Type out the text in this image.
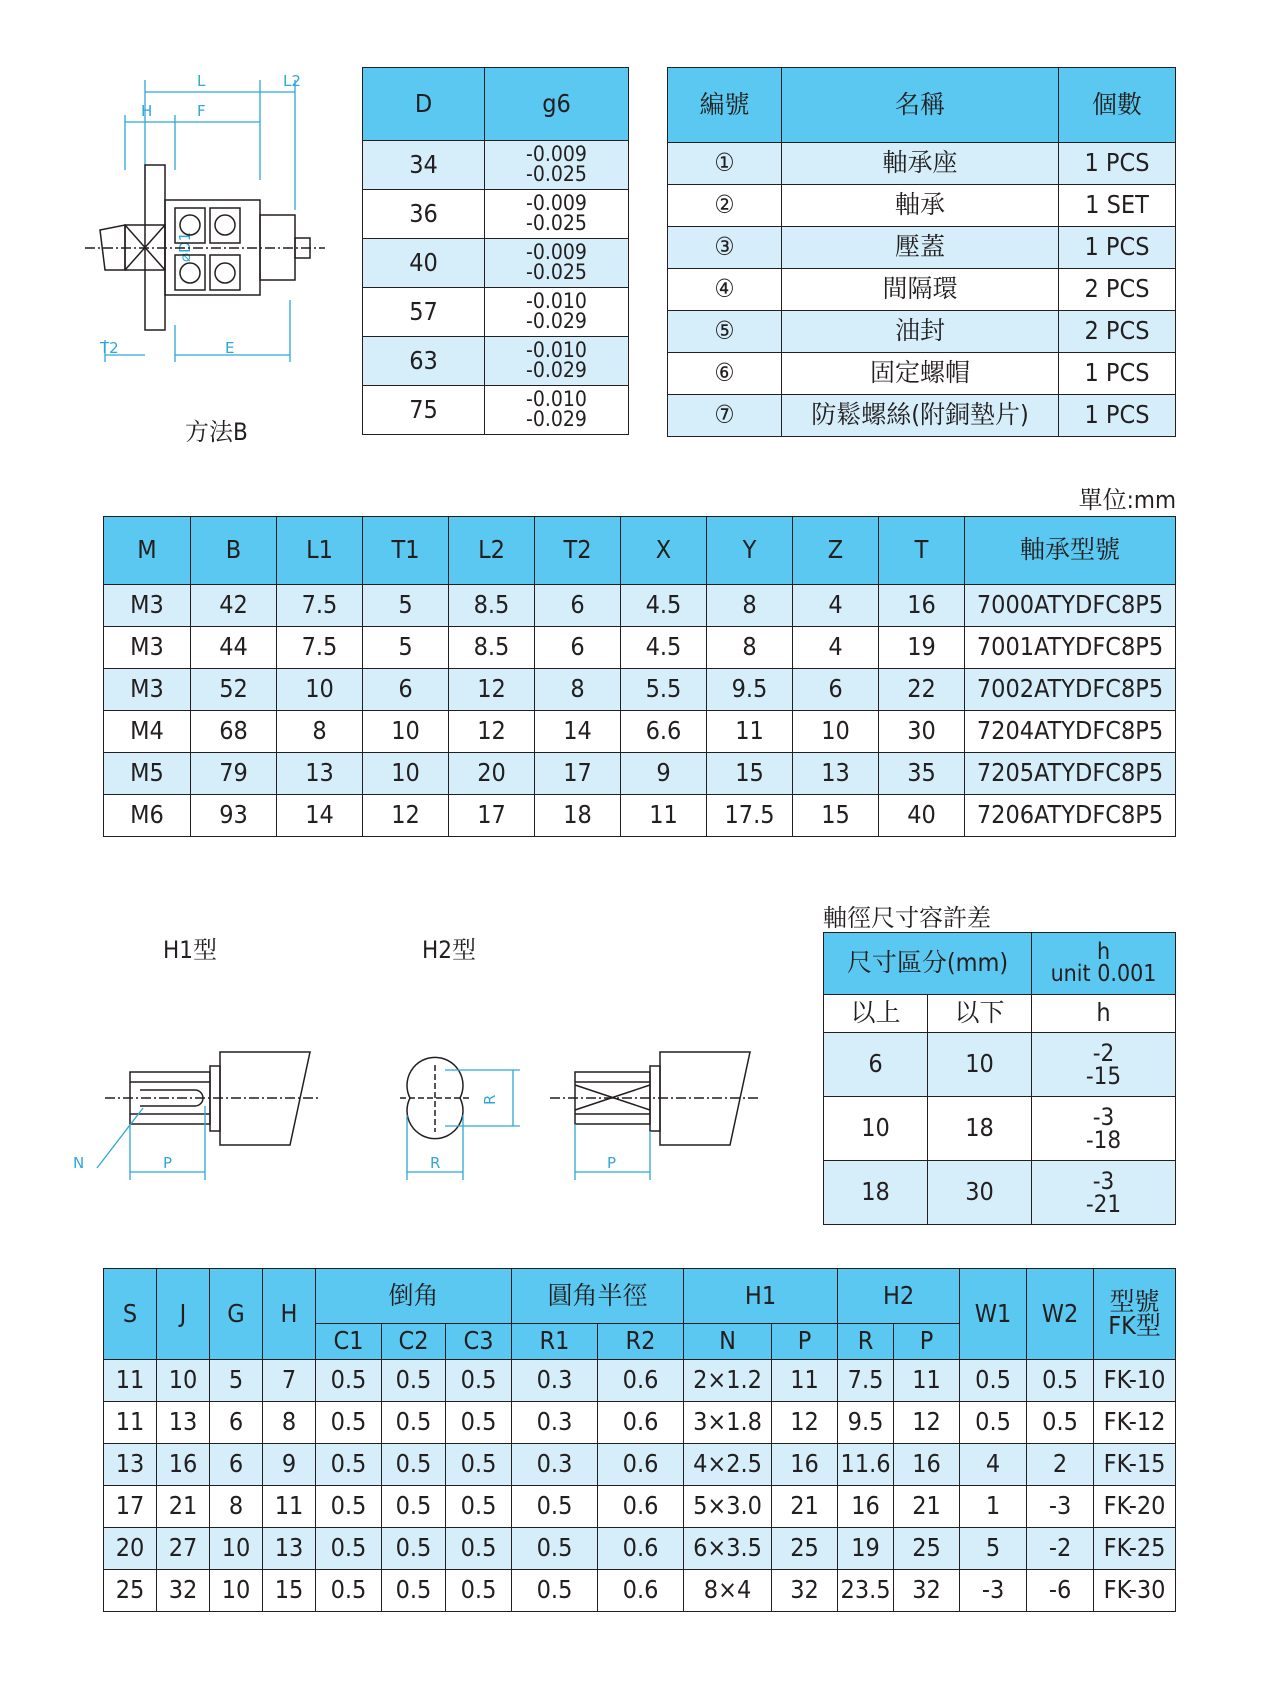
L	L2
H	F
T2	E
⌀D1
方法B
D	g6
34	-0.009
-0.025

36	-0.009
-0.025

40	-0.009
-0.025

57	-0.010
-0.029

63	-0.010
-0.029

75	-0.010
-0.029
編號	名稱	個數
①	軸承座	1 PCS
②	軸承	1 SET
③	壓蓋	1 PCS
④	間隔環	2 PCS
⑤	油封	2 PCS
⑥	固定螺帽	1 PCS
⑦	防鬆螺絲(附銅墊片)	1 PCS
單位:mm
M	B	L1	T1	L2	T2	X	Y	Z	T	軸承型號
M3	42	7.5	5	8.5	6	4.5	8	4	16	7000ATYDFC8P5
M3	44	7.5	5	8.5	6	4.5	8	4	19	7001ATYDFC8P5
M3	52	10	6	12	8	5.5	9.5	6	22	7002ATYDFC8P5
M4	68	8	10	12	14	6.6	11	10	30	7204ATYDFC8P5
M5	79	13	10	20	17	9	15	13	35	7205ATYDFC8P5
M6	93	14	12	17	18	11	17.5	15	40	7206ATYDFC8P5
H1型	H2型
N	P	R
R
P
軸徑尺寸容許差
尺寸區分(mm)		h
unit 0.001

以上	以下	h
6	10	-2
-15

10	18	-3
-18

18	30	-3
-21
S	J	G	H	倒角			圓角半徑		H1		H2		W1	W2	型號
FK型

				C1	C2	C3	R1	R2	N	P	R	P			
11	10	5	7	0.5	0.5	0.5	0.3	0.6	2×1.2	11	7.5	11	0.5	0.5	FK-10
11	13	6	8	0.5	0.5	0.5	0.3	0.6	3×1.8	12	9.5	12	0.5	0.5	FK-12
13	16	6	9	0.5	0.5	0.5	0.3	0.6	4×2.5	16	11.6	16	4	2	FK-15
17	21	8	11	0.5	0.5	0.5	0.5	0.6	5×3.0	21	16	21	1	-3	FK-20
20	27	10	13	0.5	0.5	0.5	0.5	0.6	6×3.5	25	19	25	5	-2	FK-25
25	32	10	15	0.5	0.5	0.5	0.5	0.6	8×4	32	23.5	32	-3	-6	FK-30
